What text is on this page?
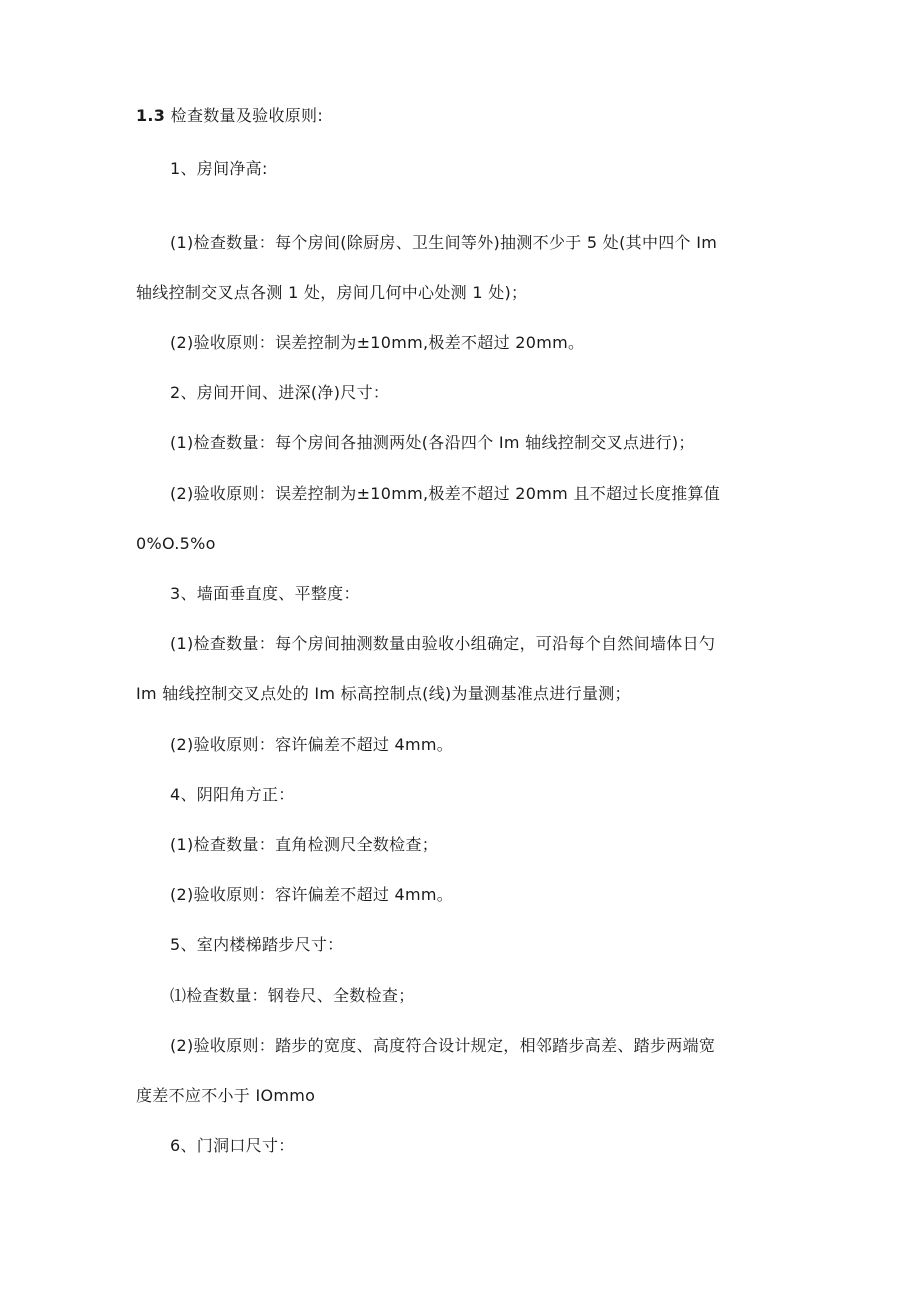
1.3 检查数量及验收原则:
1、房间净高:
(1)检查数量：每个房间(除厨房、卫生间等外)抽测不少于 5 处(其中四个 Im
轴线控制交叉点各测 1 处，房间几何中心处测 1 处)；
(2)验收原则：误差控制为±10mm,极差不超过 20mm。
2、房间开间、进深(净)尺寸：
(1)检查数量：每个房间各抽测两处(各沿四个 Im 轴线控制交叉点进行)；
(2)验收原则：误差控制为±10mm,极差不超过 20mm 且不超过长度推算值
0%O.5%o
3、墙面垂直度、平整度：
(1)检查数量：每个房间抽测数量由验收小组确定，可沿每个自然间墙体日勺
Im 轴线控制交叉点处的 Im 标高控制点(线)为量测基准点进行量测；
(2)验收原则：容许偏差不超过 4mm。
4、阴阳角方正：
(1)检查数量：直角检测尺全数检查；
(2)验收原则：容许偏差不超过 4mm。
5、室内楼梯踏步尺寸：
⑴检查数量：钢卷尺、全数检查；
(2)验收原则：踏步的宽度、高度符合设计规定，相邻踏步高差、踏步两端宽
度差不应不小于 IOmmo
6、门洞口尺寸：
